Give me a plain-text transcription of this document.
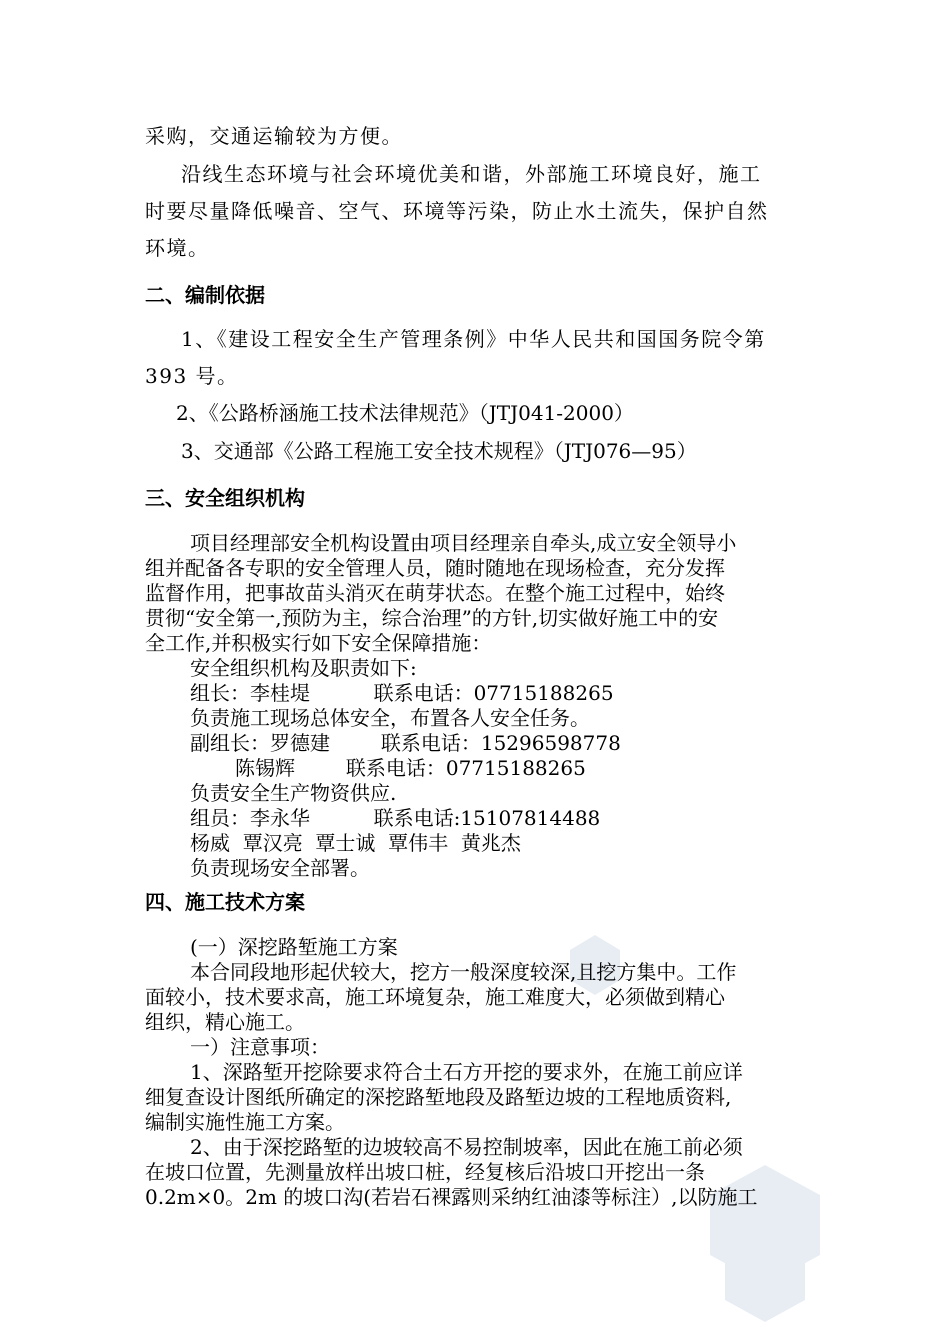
采购，交通运输较为方便。
沿线生态环境与社会环境优美和谐，外部施工环境良好，施工
时要尽量降低噪音、空气、环境等污染，防止水土流失，保护自然
环境。
二、编制依据
1、《建设工程安全生产管理条例》中华人民共和国国务院令第
393 号。
2、《公路桥涵施工技术法律规范》（JTJ041-2000）
3、交通部《公路工程施工安全技术规程》（JTJ076—95）
三、安全组织机构
项目经理部安全机构设置由项目经理亲自牵头,成立安全领导小
组并配备各专职的安全管理人员，随时随地在现场检查，充分发挥
监督作用，把事故苗头消灭在萌芽状态。在整个施工过程中，始终
贯彻“安全第一,预防为主，综合治理”的方针,切实做好施工中的安
全工作,并积极实行如下安全保障措施：
安全组织机构及职责如下:
组长：李桂堤          联系电话：07715188265
负责施工现场总体安全，布置各人安全任务。
副组长：罗德建        联系电话：15296598778
陈锡辉        联系电话：07715188265
负责安全生产物资供应.
组员：李永华          联系电话:15107814488
杨威  覃汉亮  覃士诚  覃伟丰  黄兆杰
负责现场安全部署。
四、施工技术方案
(一）深挖路堑施工方案
本合同段地形起伏较大，挖方一般深度较深,且挖方集中。工作
面较小，技术要求高，施工环境复杂，施工难度大，必须做到精心
组织，精心施工。
一）注意事项：
1、深路堑开挖除要求符合土石方开挖的要求外，在施工前应详
细复查设计图纸所确定的深挖路堑地段及路堑边坡的工程地质资料,
编制实施性施工方案。
2、由于深挖路堑的边坡较高不易控制坡率，因此在施工前必须
在坡口位置，先测量放样出坡口桩，经复核后沿坡口开挖出一条
0.2m×0。2m 的坡口沟(若岩石裸露则采纳红油漆等标注）,以防施工
